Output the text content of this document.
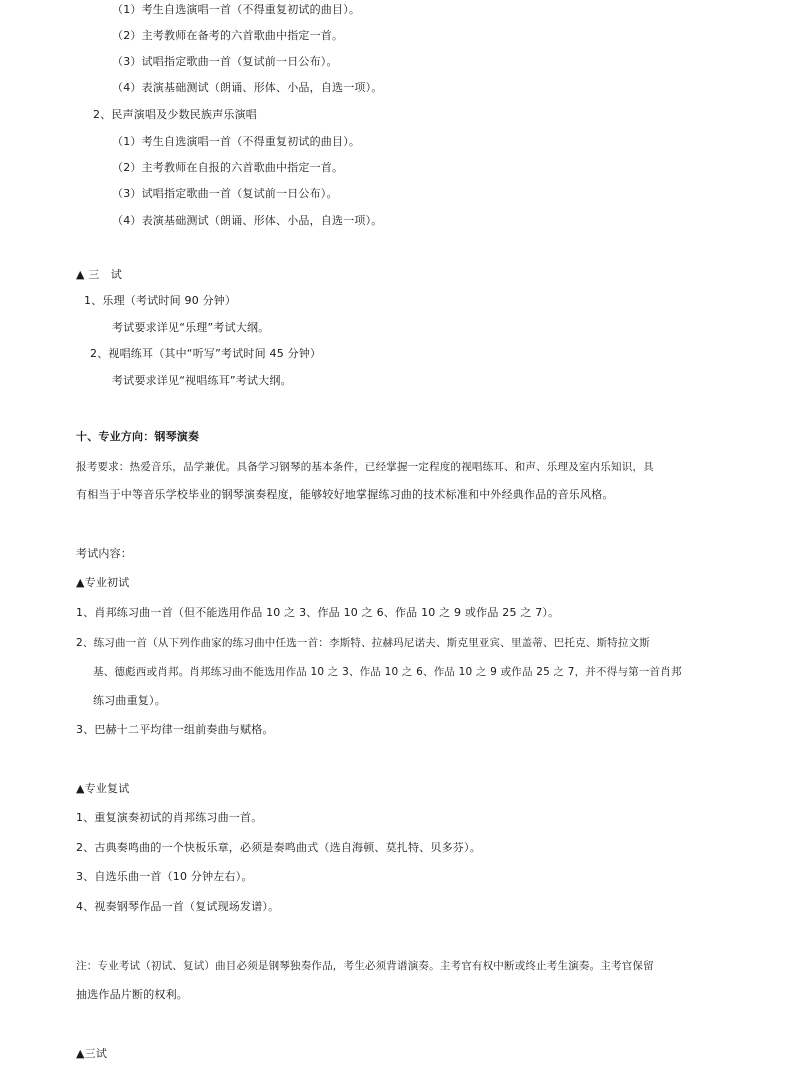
（1）考生自选演唱一首（不得重复初试的曲目）。
（2）主考教师在备考的六首歌曲中指定一首。
（3）试唱指定歌曲一首（复试前一日公布）。
（4）表演基础测试（朗诵、形体、小品，自选一项）。
2、民声演唱及少数民族声乐演唱
（1）考生自选演唱一首（不得重复初试的曲目）。
（2）主考教师在自报的六首歌曲中指定一首。
（3）试唱指定歌曲一首（复试前一日公布）。
（4）表演基础测试（朗诵、形体、小品，自选一项）。
▲ 三　试
1、乐理（考试时间 90 分钟）
考试要求详见“乐理”考试大纲。
2、视唱练耳（其中“听写”考试时间 45 分钟）
考试要求详见“视唱练耳”考试大纲。
十、专业方向：钢琴演奏
报考要求：热爱音乐，品学兼优。具备学习钢琴的基本条件，已经掌握一定程度的视唱练耳、和声、乐理及室内乐知识，具
有相当于中等音乐学校毕业的钢琴演奏程度，能够较好地掌握练习曲的技术标准和中外经典作品的音乐风格。
考试内容：
▲专业初试
1、肖邦练习曲一首（但不能选用作品 10 之 3、作品 10 之 6、作品 10 之 9 或作品 25 之 7）。
2、练习曲一首（从下列作曲家的练习曲中任选一首：李斯特、拉赫玛尼诺夫、斯克里亚宾、里盖蒂、巴托克、斯特拉文斯
基、德彪西或肖邦。肖邦练习曲不能选用作品 10 之 3、作品 10 之 6、作品 10 之 9 或作品 25 之 7，并不得与第一首肖邦
练习曲重复）。
3、巴赫十二平均律一组前奏曲与赋格。
▲专业复试
1、重复演奏初试的肖邦练习曲一首。
2、古典奏鸣曲的一个快板乐章，必须是奏鸣曲式（选自海顿、莫扎特、贝多芬）。
3、自选乐曲一首（10 分钟左右）。
4、视奏钢琴作品一首（复试现场发谱）。
注：专业考试（初试、复试）曲目必须是钢琴独奏作品，考生必须背谱演奏。主考官有权中断或终止考生演奏。主考官保留
抽选作品片断的权利。
▲三试
